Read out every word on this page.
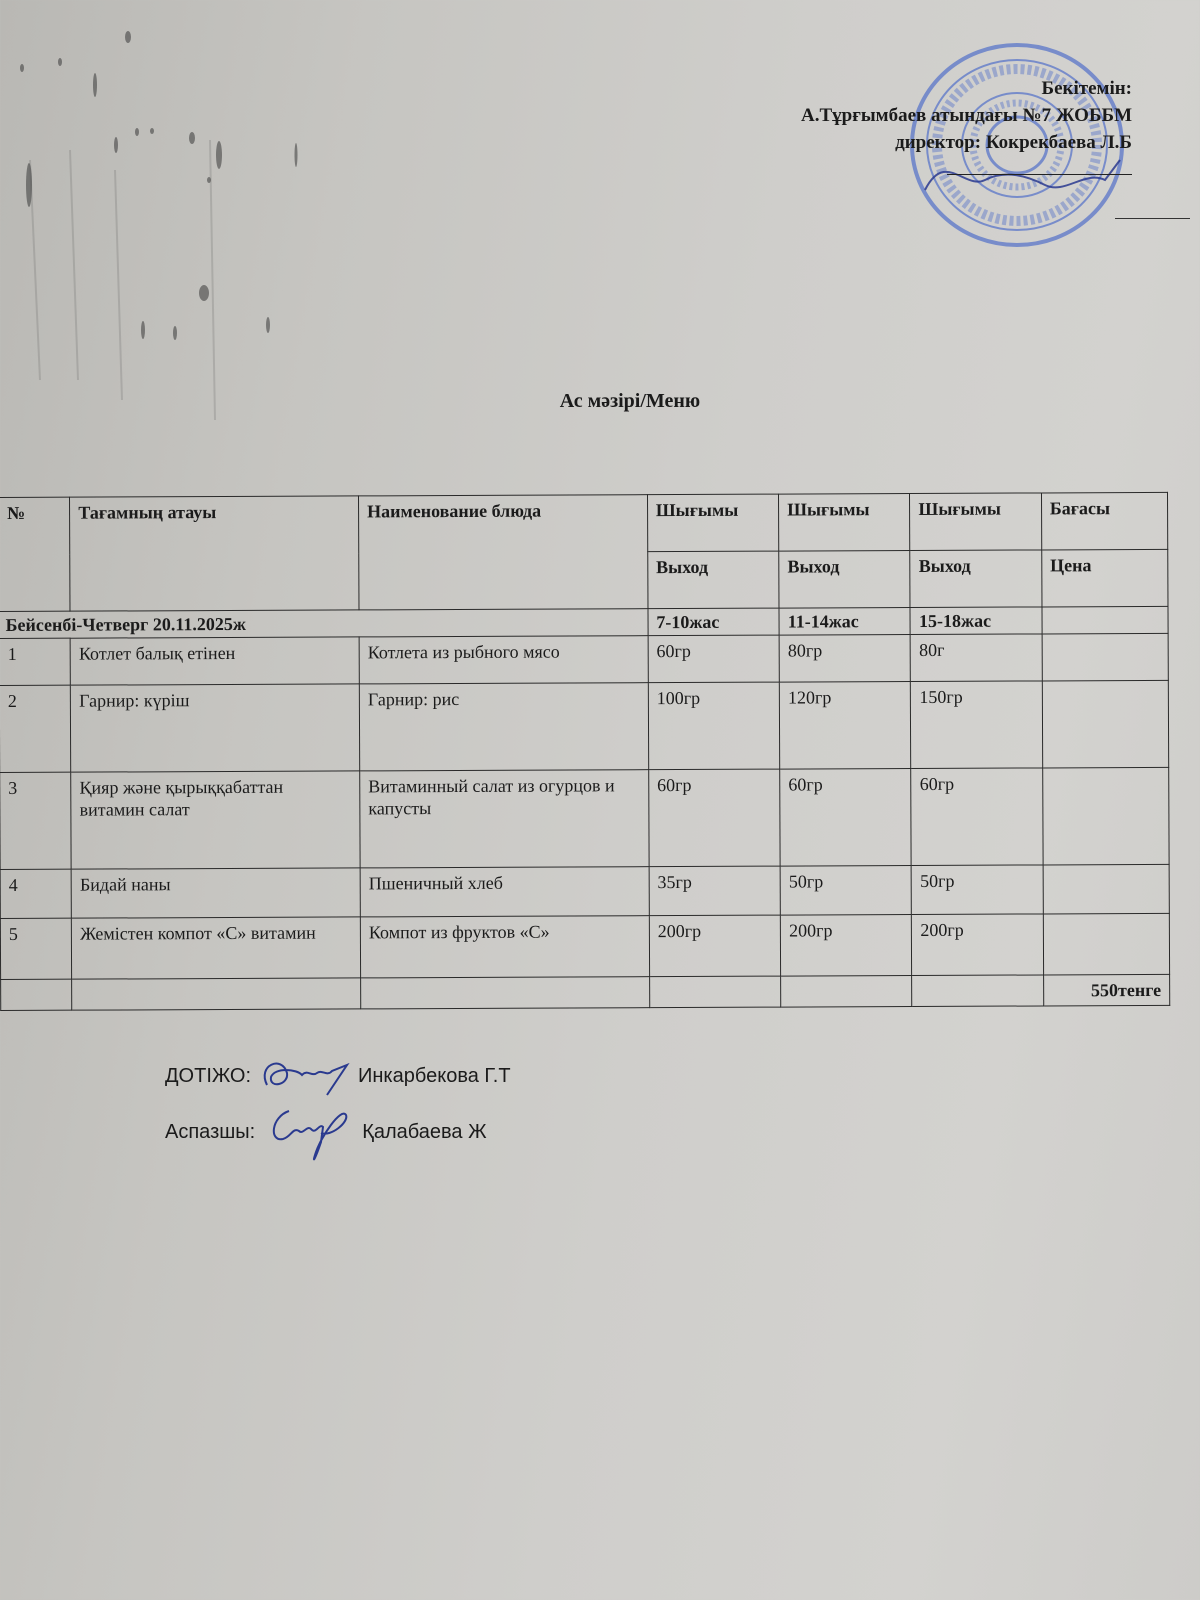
Бекітемін:
А.Тұрғымбаев атындағы №7 ЖОББМ
директор: Кокрекбаева Л.Б
Ас мәзірі/Меню
№	Тағамның атауы	Наименование блюда	Шығымы	Шығымы	Шығымы	Бағасы
			Выход	Выход	Выход	Цена
Бейсенбі-Четверг 20.11.2025ж			7-10жас	11-14жас	15-18жас	
1	Котлет балық етінен	Котлета из рыбного мясо	60гр	80гр	80г	
2	Гарнир: күріш	Гарнир: рис	100гр	120гр	150гр	
3	Қияр және қырыққабаттан витамин салат	Витаминный салат из огурцов и капусты	60гр	60гр	60гр	
4	Бидай наны	Пшеничный хлеб	35гр	50гр	50гр	
5	Жемістен компот «С» витамин	Компот из фруктов «С»	200гр	200гр	200гр	
						550тенге
ДОТІЖО:	Инкарбекова Г.Т
Аспазшы:	Қалабаева Ж
